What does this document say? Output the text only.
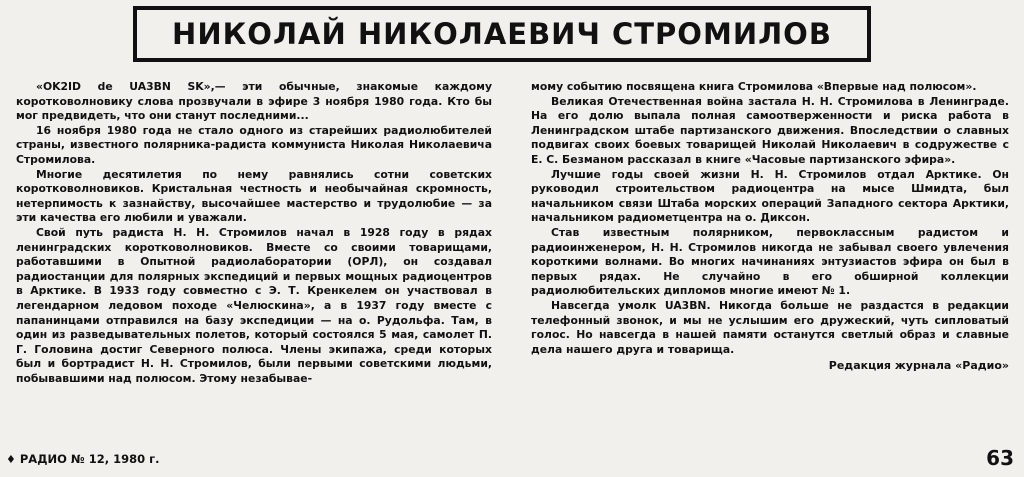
НИКОЛАЙ НИКОЛАЕВИЧ СТРОМИЛОВ

«OK2ID de UA3BN SK»,— эти обычные, знакомые каждому коротковолновику слова прозвучали в эфире 3 ноября 1980 года. Кто бы мог предвидеть, что они станут последними...

16 ноября 1980 года не стало одного из старейших радиолюбителей страны, известного полярника-радиста коммуниста Николая Николаевича Стромилова.

Многие десятилетия по нему равнялись сотни советских коротковолновиков. Кристальная честность и необычайная скромность, нетерпимость к зазнайству, высочайшее мастерство и трудолюбие — за эти качества его любили и уважали.

Свой путь радиста Н. Н. Стромилов начал в 1928 году в рядах ленинградских коротковолновиков. Вместе со своими товарищами, работавшими в Опытной радиолаборатории (ОРЛ), он создавал радиостанции для полярных экспедиций и первых мощных радиоцентров в Арктике. В 1933 году совместно с Э. Т. Кренкелем он участвовал в легендарном ледовом походе «Челюскина», а в 1937 году вместе с папанинцами отправился на базу экспедиции — на о. Рудольфа. Там, в один из разведывательных полетов, который состоялся 5 мая, самолет П. Г. Головина достиг Северного полюса. Члены экипажа, среди которых был и бортрадист Н. Н. Стромилов, были первыми советскими людьми, побывавшими над полюсом. Этому незабывае-

мому событию посвящена книга Стромилова «Впервые над полюсом».

Великая Отечественная война застала Н. Н. Стромилова в Ленинграде. На его долю выпала полная самоотверженности и риска работа в Ленинградском штабе партизанского движения. Впоследствии о славных подвигах своих боевых товарищей Николай Николаевич в содружестве с Е. С. Безманом рассказал в книге «Часовые партизанского эфира».

Лучшие годы своей жизни Н. Н. Стромилов отдал Арктике. Он руководил строительством радиоцентра на мысе Шмидта, был начальником связи Штаба морских операций Западного сектора Арктики, начальником радиометцентра на о. Диксон.

Став известным полярником, первоклассным радистом и радиоинженером, Н. Н. Стромилов никогда не забывал своего увлечения короткими волнами. Во многих начинаниях энтузиастов эфира он был в первых рядах. Не случайно в его обширной коллекции радиолюбительских дипломов многие имеют № 1.

Навсегда умолк UA3BN. Никогда больше не раздастся в редакции телефонный звонок, и мы не услышим его дружеский, чуть сипловатый голос. Но навсегда в нашей памяти останутся светлый образ и славные дела нашего друга и товарища.

Редакция журнала «Радио»

♦ РАДИО № 12, 1980 г.	63
